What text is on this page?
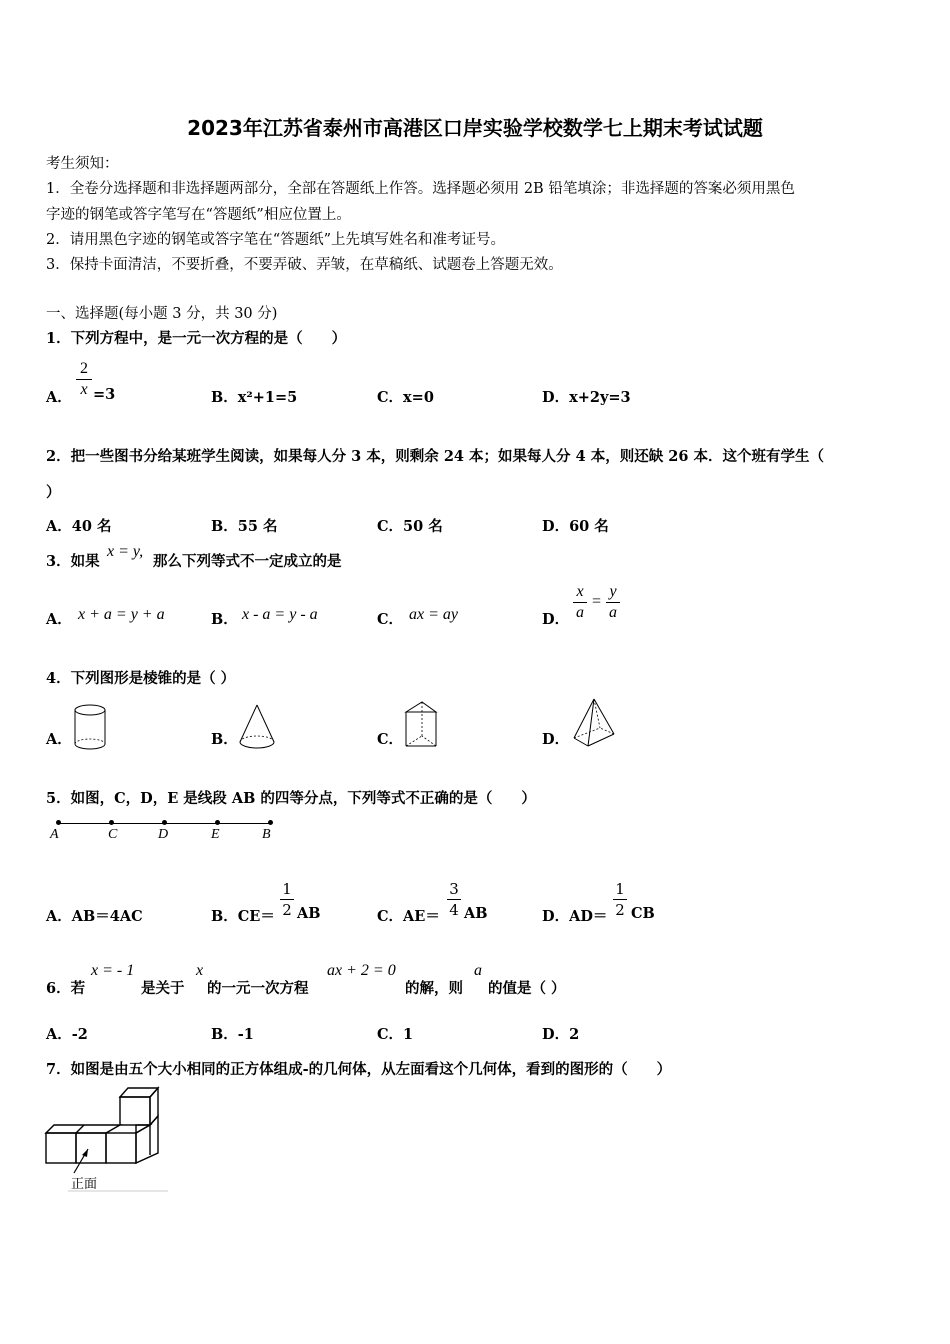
2023年江苏省泰州市高港区口岸实验学校数学七上期末考试试题
考生须知：
1．全卷分选择题和非选择题两部分，全部在答题纸上作答。选择题必须用 2B 铅笔填涂；非选择题的答案必须用黑色
字迹的钢笔或答字笔写在“答题纸”相应位置上。
2．请用黑色字迹的钢笔或答字笔在“答题纸”上先填写姓名和准考证号。
3．保持卡面清洁，不要折叠，不要弄破、弄皱，在草稿纸、试题卷上答题无效。
一、选择题(每小题 3 分，共 30 分)
1．下列方程中，是一元一次方程的是（　　）
A．
2
x =3	B．x²+1=5	C．x=0	D．x+2y=3
2．把一些图书分给某班学生阅读，如果每人分 3 本，则剩余 24 本；如果每人分 4 本，则还缺 26 本．这个班有学生（
）
A．40 名	B．55 名	C．50 名	D．60 名
3．如果
x = y,
那么下列等式不一定成立的是
A． x + a = y + a	B． x - a = y - a	C． ax = ay	D．
x
a
=
y
a
4．下列图形是棱锥的是（ ）
A．	B．	C．	D．
5．如图，C，D，E 是线段 AB 的四等分点，下列等式不正确的是（　　）
A	C	D	E	B
A．AB＝4AC	B．CE＝
1
2 AB	C．AE＝
3
4 AB	D．AD＝
1
2 CB
6．若
x = - 1
是关于
x
的一元一次方程
ax + 2 = 0
的解，则
a
的值是（ ）
A．-2	B．-1	C．1	D．2
7．如图是由五个大小相同的正方体组成-的几何体，从左面看这个几何体，看到的图形的（　　）
正面
